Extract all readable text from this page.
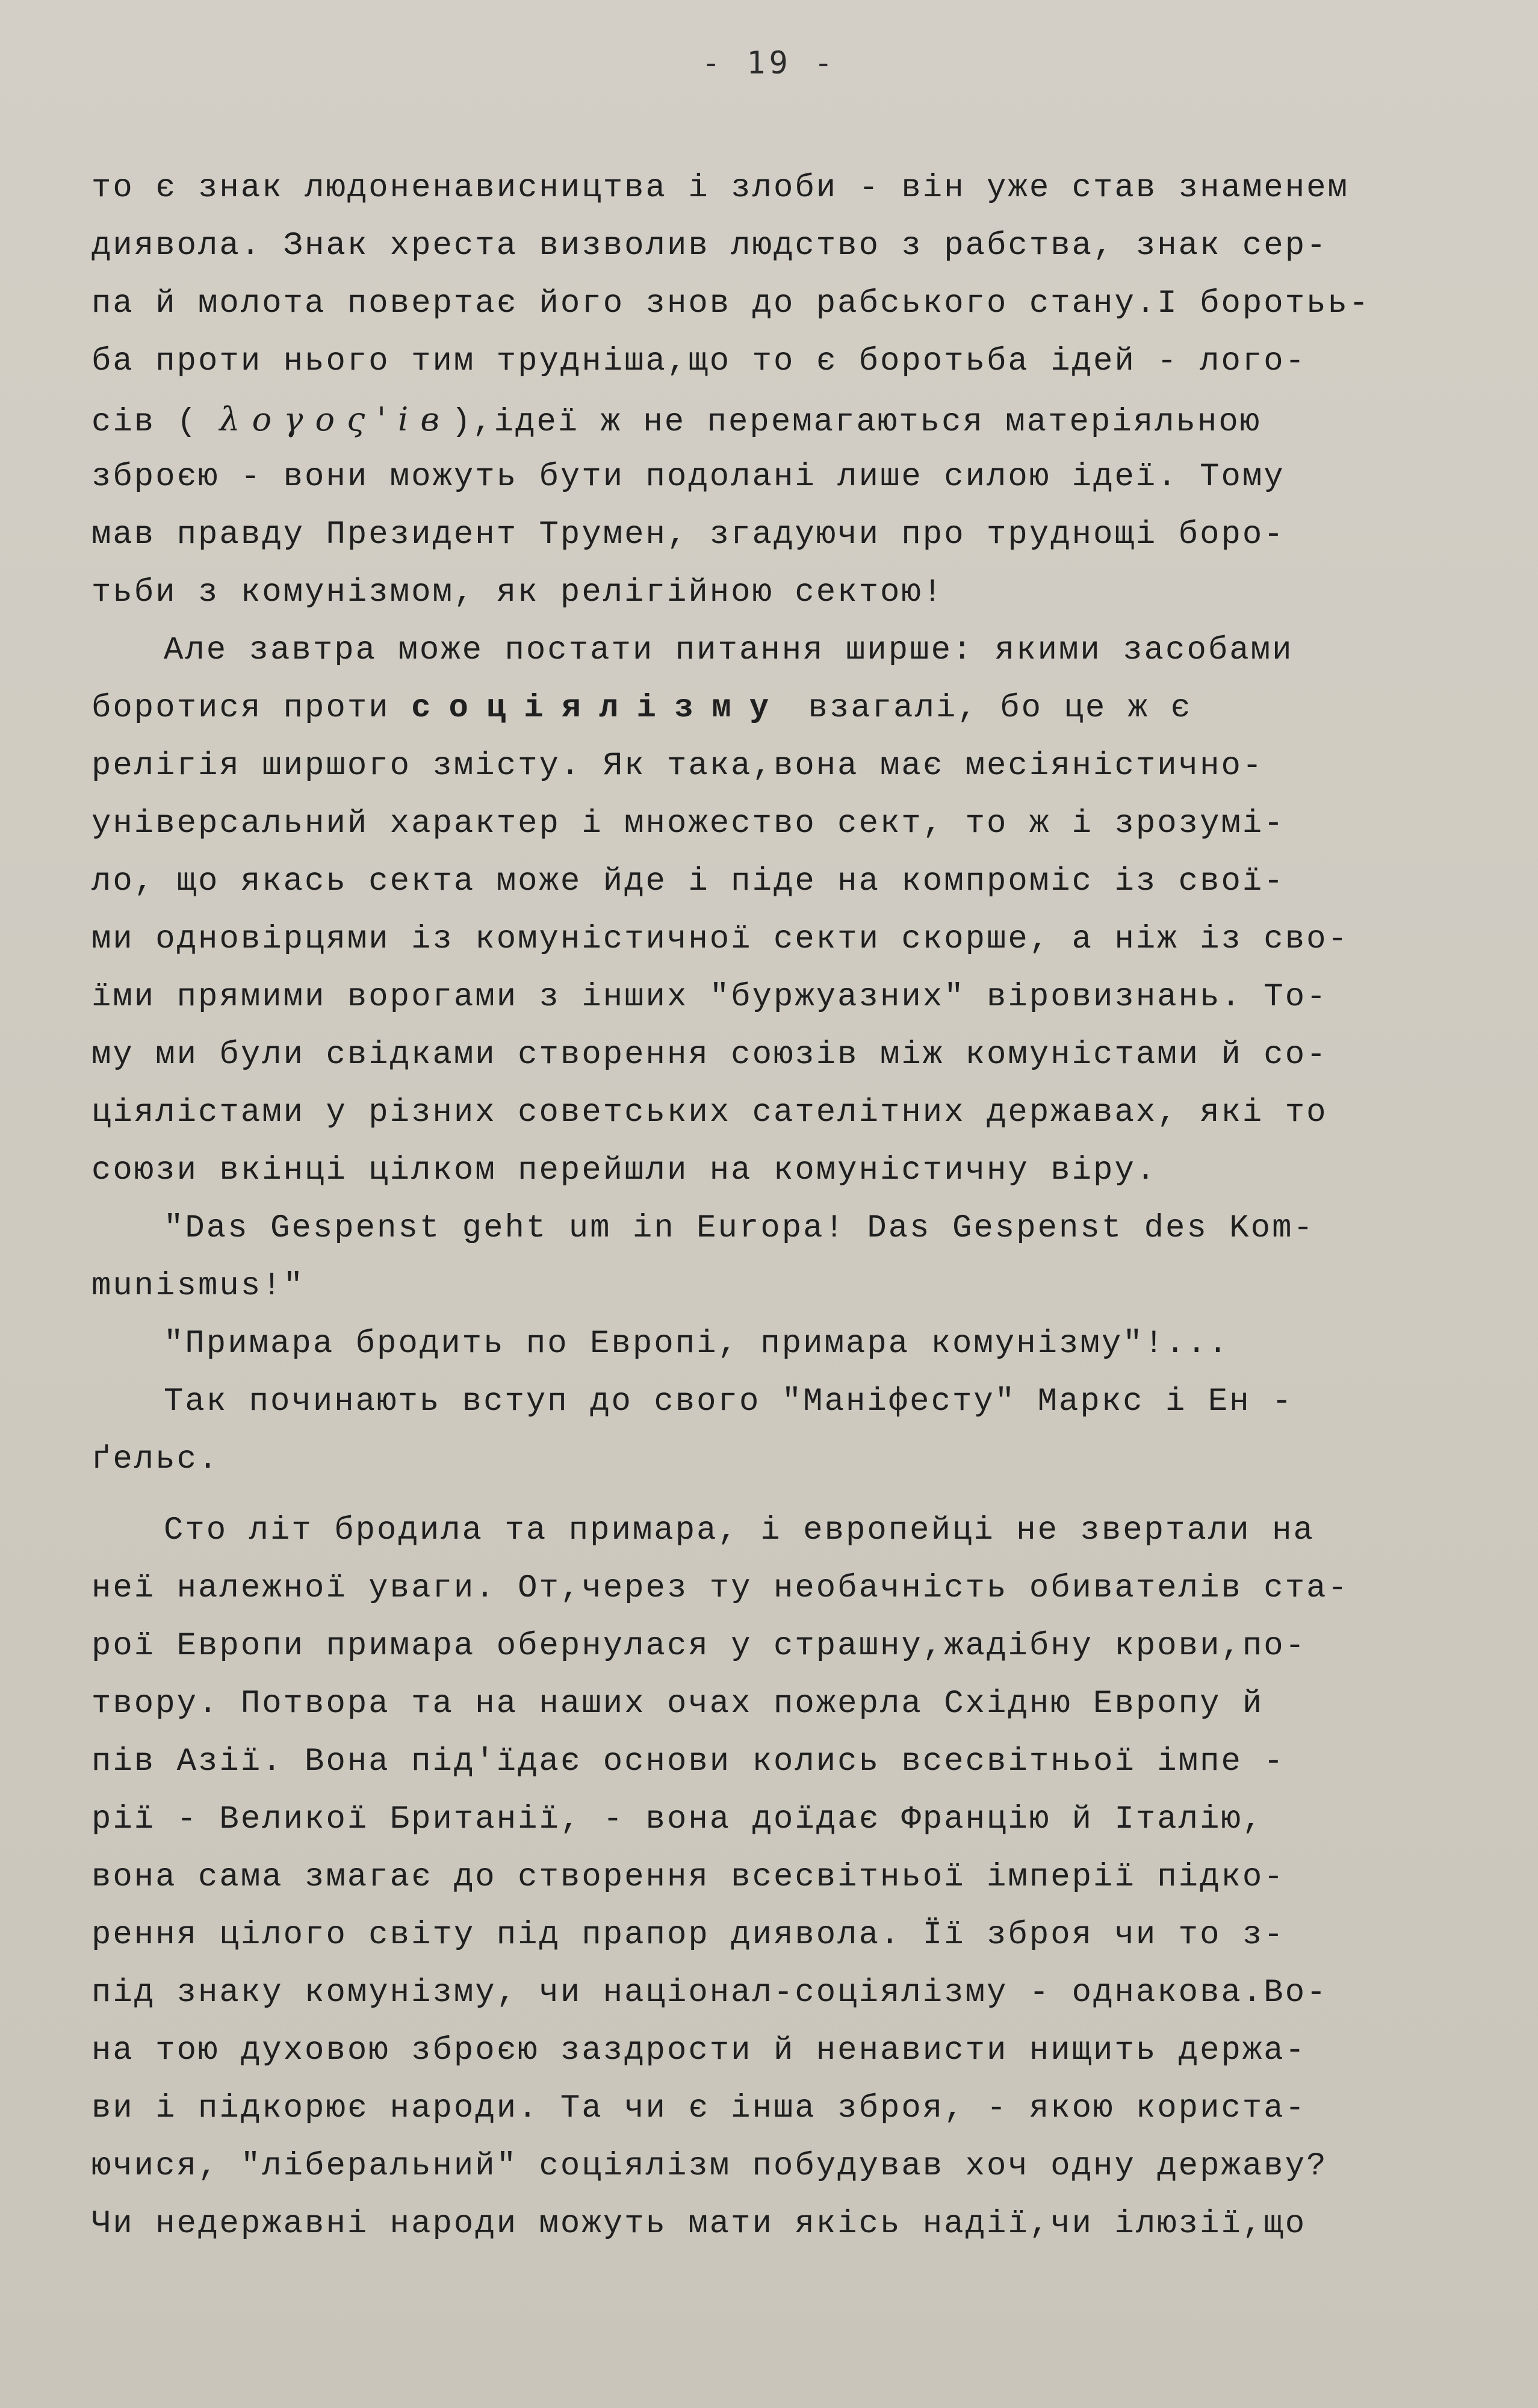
- 19 -
то є знак людоненависництва і злоби - він уже став знаменем
диявола. Знак хреста визволив людство з рабства, знак сер-
па й молота повертає його знов до рабського стану.І боротьь-
ба проти нього тим трудніша,що то є боротьба ідей - лого-
сів ( λογος'ів),ідеї ж не перемагаються матеріяльною
зброєю - вони можуть бути подолані лише силою ідеї. Тому
мав правду Президент Трумен, згадуючи про труднощі боро-
тьби з комунізмом, як релігійною сектою!
Але завтра може постати питання ширше: якими засобами
боротися проти соціялізму взагалі, бо це ж є
релігія ширшого змісту. Як така,вона має месіяністично-
універсальний характер і множество сект, то ж і зрозумі-
ло, що якась секта може йде і піде на компроміс із свої-
ми одновірцями із комуністичної секти скорше, а ніж із сво-
їми прямими ворогами з інших "буржуазних" віровизнань. То-
му ми були свідками створення союзів між комуністами й со-
ціялістами у різних советських сателітних державах, які то
союзи вкінці цілком перейшли на комуністичну віру.
"Das Gespenst geht um in Europa! Das Gespenst des Kom-
munismus!"
"Примара бродить по Европі, примара комунізму"!...
Так починають вступ до свого "Маніфесту" Маркс і Ен -
ґельс.
Сто літ бродила та примара, і европейці не звертали на
неї належної уваги. От,через ту необачність обивателів ста-
рої Европи примара обернулася у страшну,жадібну крови,по-
твору. Потвора та на наших очах пожерла Східню Европу й
пів Азії. Вона під'їдає основи колись всесвітньої імпе -
рії - Великої Британії, - вона доїдає Францію й Італію,
вона сама змагає до створення всесвітньої імперії підко-
рення цілого світу під прапор диявола. Її зброя чи то з-
під знаку комунізму, чи націонал-соціялізму - однакова.Во-
на тою духовою зброєю заздрости й ненависти нищить держа-
ви і підкорює народи. Та чи є інша зброя, - якою користа-
ючися, "ліберальний" соціялізм побудував хоч одну державу?
Чи недержавні народи можуть мати якісь надії,чи ілюзії,що
